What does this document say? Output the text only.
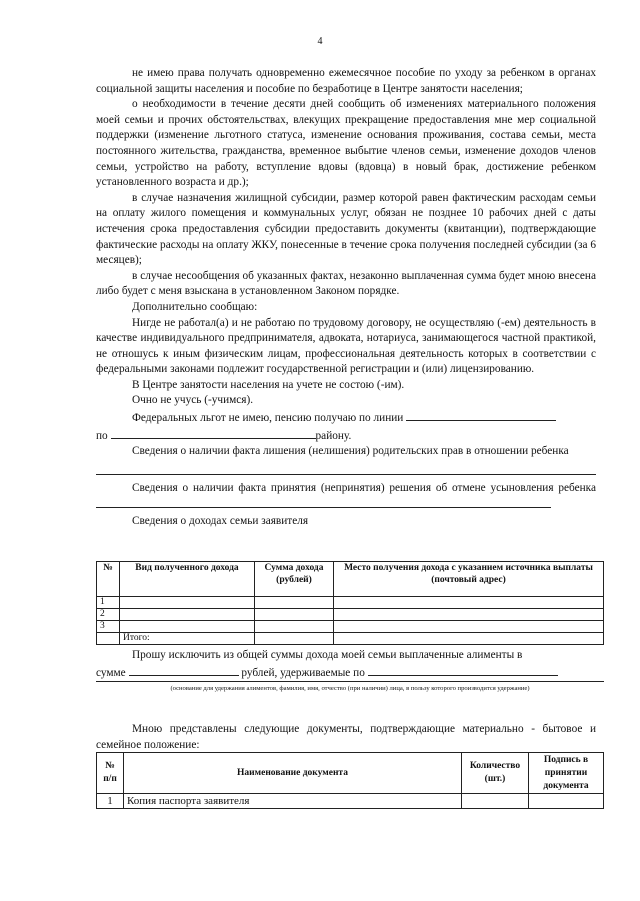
4

не имею права получать одновременно ежемесячное пособие по уходу за ребенком в органах социальной защиты населения и пособие по безработице в Центре занятости населения;

о необходимости в течение десяти дней сообщить об изменениях материального положения моей семьи и прочих обстоятельствах, влекущих прекращение предоставления мне мер социальной поддержки (изменение льготного статуса, изменение основания проживания, состава семьи, места постоянного жительства, гражданства, временное выбытие членов семьи, изменение доходов членов семьи, устройство на работу, вступление вдовы (вдовца) в новый брак, достижение ребенком установленного возраста и др.);

в случае назначения жилищной субсидии, размер которой равен фактическим расходам семьи на оплату жилого помещения и коммунальных услуг, обязан не позднее 10 рабочих дней с даты истечения срока предоставления субсидии предоставить документы (квитанции), подтверждающие фактические расходы на оплату ЖКУ, понесенные в течение срока получения последней субсидии (за 6 месяцев);

в случае несообщения об указанных фактах, незаконно выплаченная сумма будет мною внесена либо будет с меня взыскана в установленном Законом порядке.

Дополнительно сообщаю:

Нигде не работал(а) и не работаю по трудовому договору, не осуществляю (-ем) деятельность в качестве индивидуального предпринимателя, адвоката, нотариуса, занимающегося частной практикой, не отношусь к иным физическим лицам, профессиональная деятельность которых в соответствии с федеральными законами подлежит государственной регистрации и (или) лицензированию.

В Центре занятости населения на учете не состою (-им).

Очно не учусь (-учимся).

Федеральных льгот не имею, пенсию получаю по линии

по	району.

Сведения о наличии факта лишения (нелишения) родительских прав в отношении ребенка

Сведения о наличии факта принятия (непринятия) решения об отмене усыновления ребенка

Сведения о доходах семьи заявителя

№	Вид полученного дохода	Сумма дохода (рублей)	Место получения дохода с указанием источника выплаты (почтовый адрес)
1			
2			
3			
	Итого:		

Прошу исключить из общей суммы дохода моей семьи выплаченные алименты в

сумме	рублей, удерживаемые по

(основание для удержания алиментов, фамилия, имя, отчество (при наличии) лица, в пользу которого производится удержание)

Мною представлены следующие документы, подтверждающие материально - бытовое и семейное положение:

№ п/п	Наименование документа	Количество (шт.)	Подпись в принятии документа
1	Копия паспорта заявителя		
